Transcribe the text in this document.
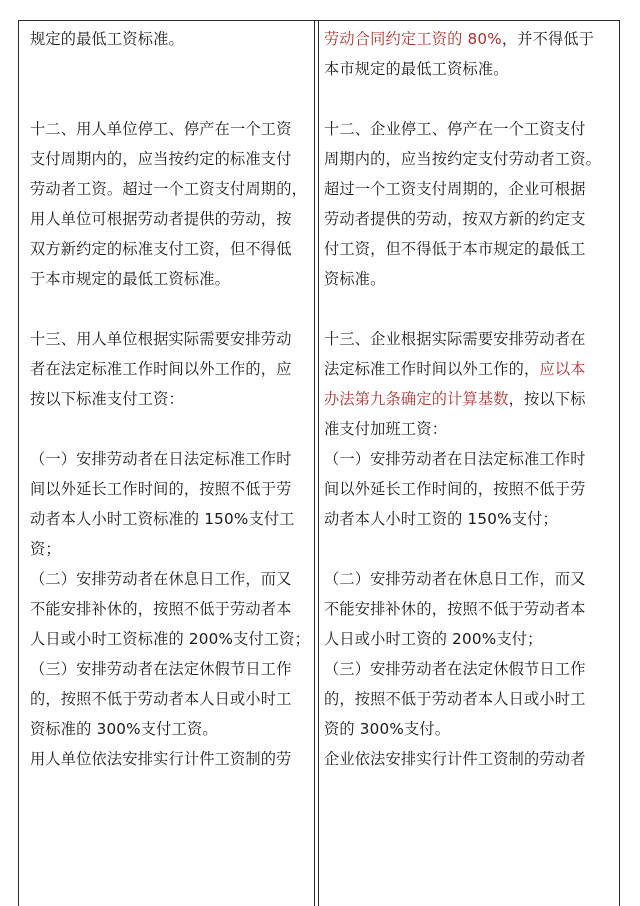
规定的最低工资标准。
十二、用人单位停工、停产在一个工资
支付周期内的，应当按约定的标准支付
劳动者工资。超过一个工资支付周期的，
用人单位可根据劳动者提供的劳动，按
双方新约定的标准支付工资，但不得低
于本市规定的最低工资标准。
十三、用人单位根据实际需要安排劳动
者在法定标准工作时间以外工作的，应
按以下标准支付工资：
（一）安排劳动者在日法定标准工作时
间以外延长工作时间的，按照不低于劳
动者本人小时工资标准的 150%支付工
资；
（二）安排劳动者在休息日工作，而又
不能安排补休的，按照不低于劳动者本
人日或小时工资标准的 200%支付工资；
（三）安排劳动者在法定休假节日工作
的，按照不低于劳动者本人日或小时工
资标准的 300%支付工资。
用人单位依法安排实行计件工资制的劳
劳动合同约定工资的 80%，并不得低于
本市规定的最低工资标准。
十二、企业停工、停产在一个工资支付
周期内的，应当按约定支付劳动者工资。
超过一个工资支付周期的，企业可根据
劳动者提供的劳动，按双方新的约定支
付工资，但不得低于本市规定的最低工
资标准。
十三、企业根据实际需要安排劳动者在
法定标准工作时间以外工作的，应以本
办法第九条确定的计算基数，按以下标
准支付加班工资：
（一）安排劳动者在日法定标准工作时
间以外延长工作时间的，按照不低于劳
动者本人小时工资的 150%支付；
（二）安排劳动者在休息日工作，而又
不能安排补休的，按照不低于劳动者本
人日或小时工资的 200%支付；
（三）安排劳动者在法定休假节日工作
的，按照不低于劳动者本人日或小时工
资的 300%支付。
企业依法安排实行计件工资制的劳动者
